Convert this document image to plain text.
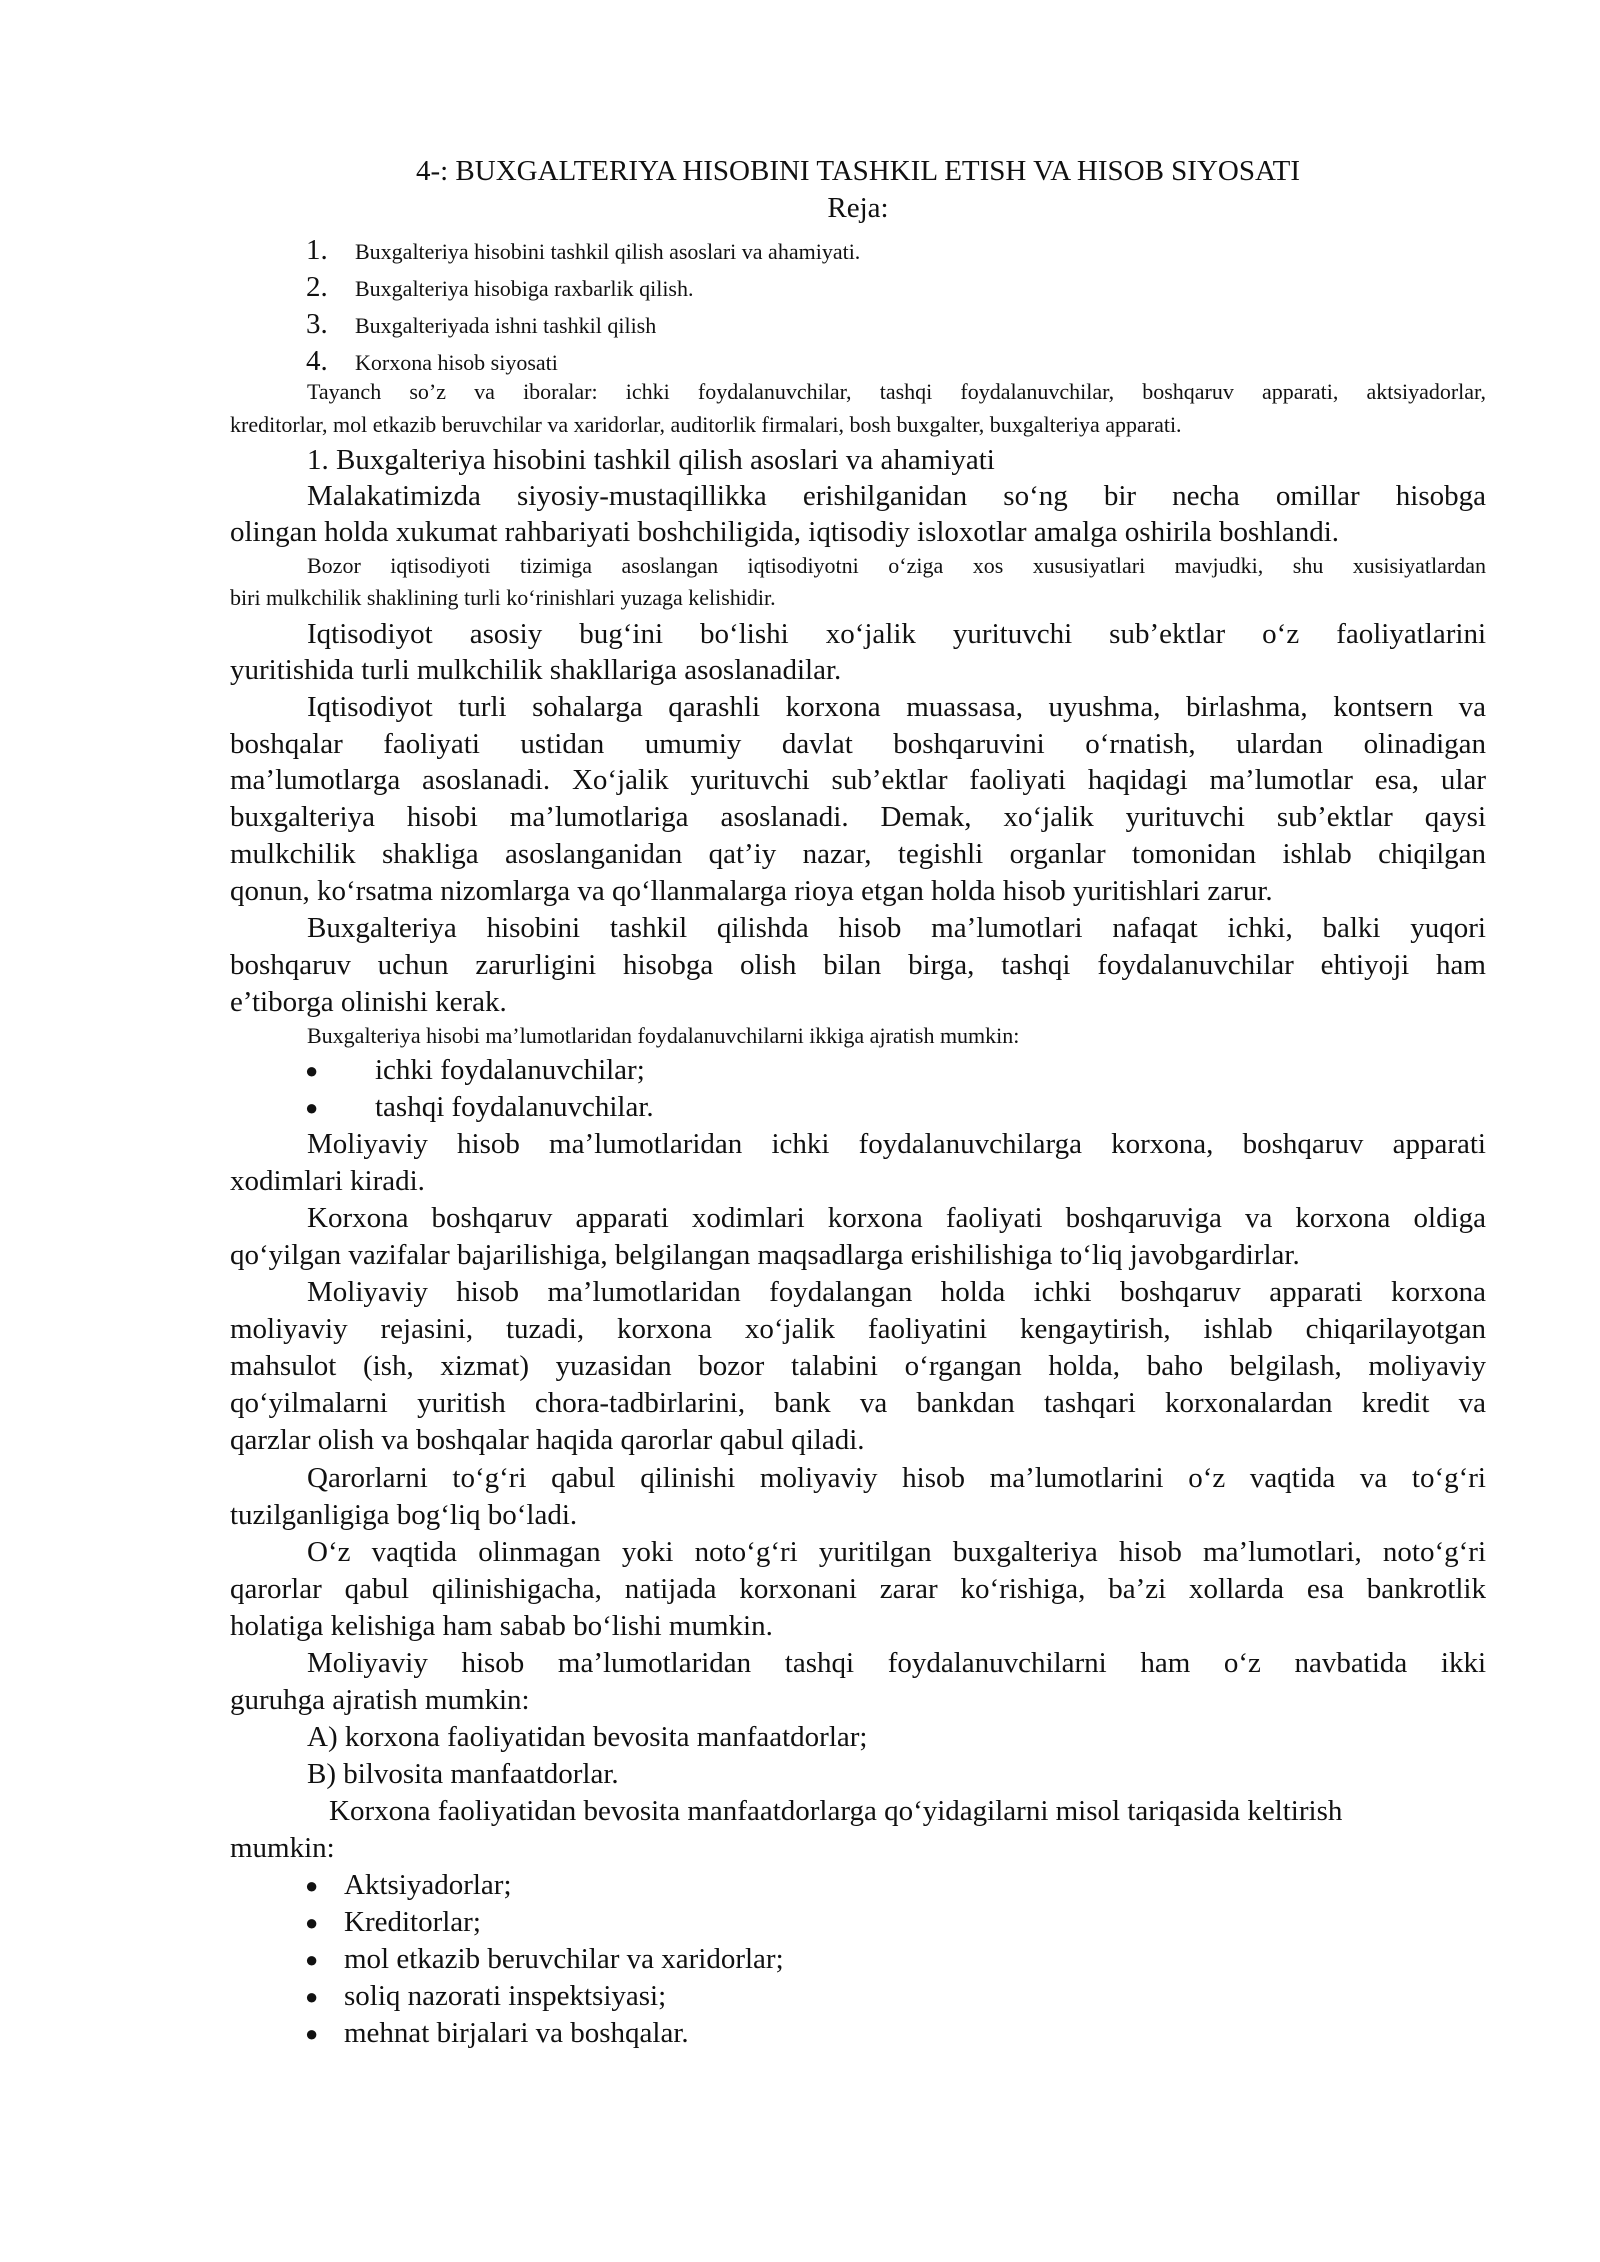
4-: BUXGALTERIYA HISOBINI TASHKIL ETISH VA HISOB SIYOSATI
Reja:
1. Buxgalteriya hisobini tashkil qilish asoslari va ahamiyati.
2. Buxgalteriya hisobiga raxbarlik qilish.
3. Buxgalteriyada ishni tashkil qilish
4. Korxona hisob siyosati
Tayanch so’z va iboralar: ichki foydalanuvchilar, tashqi foydalanuvchilar, boshqaruv apparati, aktsiyadorlar,
kreditorlar, mol etkazib beruvchilar va xaridorlar, auditorlik firmalari, bosh buxgalter, buxgalteriya apparati.
1. Buxgalteriya hisobini tashkil qilish asoslari va ahamiyati
Malakatimizda siyosiy-mustaqillikka erishilganidan so‘ng bir necha omillar hisobga
olingan holda xukumat rahbariyati boshchiligida, iqtisodiy isloxotlar amalga oshirila boshlandi.
Bozor iqtisodiyoti tizimiga asoslangan iqtisodiyotni o‘ziga xos xususiyatlari mavjudki, shu xusisiyatlardan
biri mulkchilik shaklining turli ko‘rinishlari yuzaga kelishidir.
Iqtisodiyot asosiy bug‘ini bo‘lishi xo‘jalik yurituvchi sub’ektlar o‘z faoliyatlarini
yuritishida turli mulkchilik shakllariga asoslanadilar.
Iqtisodiyot turli sohalarga qarashli korxona muassasa, uyushma, birlashma, kontsern va
boshqalar faoliyati ustidan umumiy davlat boshqaruvini o‘rnatish, ulardan olinadigan
ma’lumotlarga asoslanadi. Xo‘jalik yurituvchi sub’ektlar faoliyati haqidagi ma’lumotlar esa, ular
buxgalteriya hisobi ma’lumotlariga asoslanadi. Demak, xo‘jalik yurituvchi sub’ektlar qaysi
mulkchilik shakliga asoslanganidan qat’iy nazar, tegishli organlar tomonidan ishlab chiqilgan
qonun, ko‘rsatma nizomlarga va qo‘llanmalarga rioya etgan holda hisob yuritishlari zarur.
Buxgalteriya hisobini tashkil qilishda hisob ma’lumotlari nafaqat ichki, balki yuqori
boshqaruv uchun zarurligini hisobga olish bilan birga, tashqi foydalanuvchilar ehtiyoji ham
e’tiborga olinishi kerak.
Buxgalteriya hisobi ma’lumotlaridan foydalanuvchilarni ikkiga ajratish mumkin:
● ichki foydalanuvchilar;
● tashqi foydalanuvchilar.
Moliyaviy hisob ma’lumotlaridan ichki foydalanuvchilarga korxona, boshqaruv apparati
xodimlari kiradi.
Korxona boshqaruv apparati xodimlari korxona faoliyati boshqaruviga va korxona oldiga
qo‘yilgan vazifalar bajarilishiga, belgilangan maqsadlarga erishilishiga to‘liq javobgardirlar.
Moliyaviy hisob ma’lumotlaridan foydalangan holda ichki boshqaruv apparati korxona
moliyaviy rejasini, tuzadi, korxona xo‘jalik faoliyatini kengaytirish, ishlab chiqarilayotgan
mahsulot (ish, xizmat) yuzasidan bozor talabini o‘rgangan holda, baho belgilash, moliyaviy
qo‘yilmalarni yuritish chora-tadbirlarini, bank va bankdan tashqari korxonalardan kredit va
qarzlar olish va boshqalar haqida qarorlar qabul qiladi.
Qarorlarni to‘g‘ri qabul qilinishi moliyaviy hisob ma’lumotlarini o‘z vaqtida va to‘g‘ri
tuzilganligiga bog‘liq bo‘ladi.
O‘z vaqtida olinmagan yoki noto‘g‘ri yuritilgan buxgalteriya hisob ma’lumotlari, noto‘g‘ri
qarorlar qabul qilinishigacha, natijada korxonani zarar ko‘rishiga, ba’zi xollarda esa bankrotlik
holatiga kelishiga ham sabab bo‘lishi mumkin.
Moliyaviy hisob ma’lumotlaridan tashqi foydalanuvchilarni ham o‘z navbatida ikki
guruhga ajratish mumkin:
A) korxona faoliyatidan bevosita manfaatdorlar;
B) bilvosita manfaatdorlar.
Korxona faoliyatidan bevosita manfaatdorlarga qo‘yidagilarni misol tariqasida keltirish
mumkin:
● Aktsiyadorlar;
● Kreditorlar;
● mol etkazib beruvchilar va xaridorlar;
● soliq nazorati inspektsiyasi;
● mehnat birjalari va boshqalar.
